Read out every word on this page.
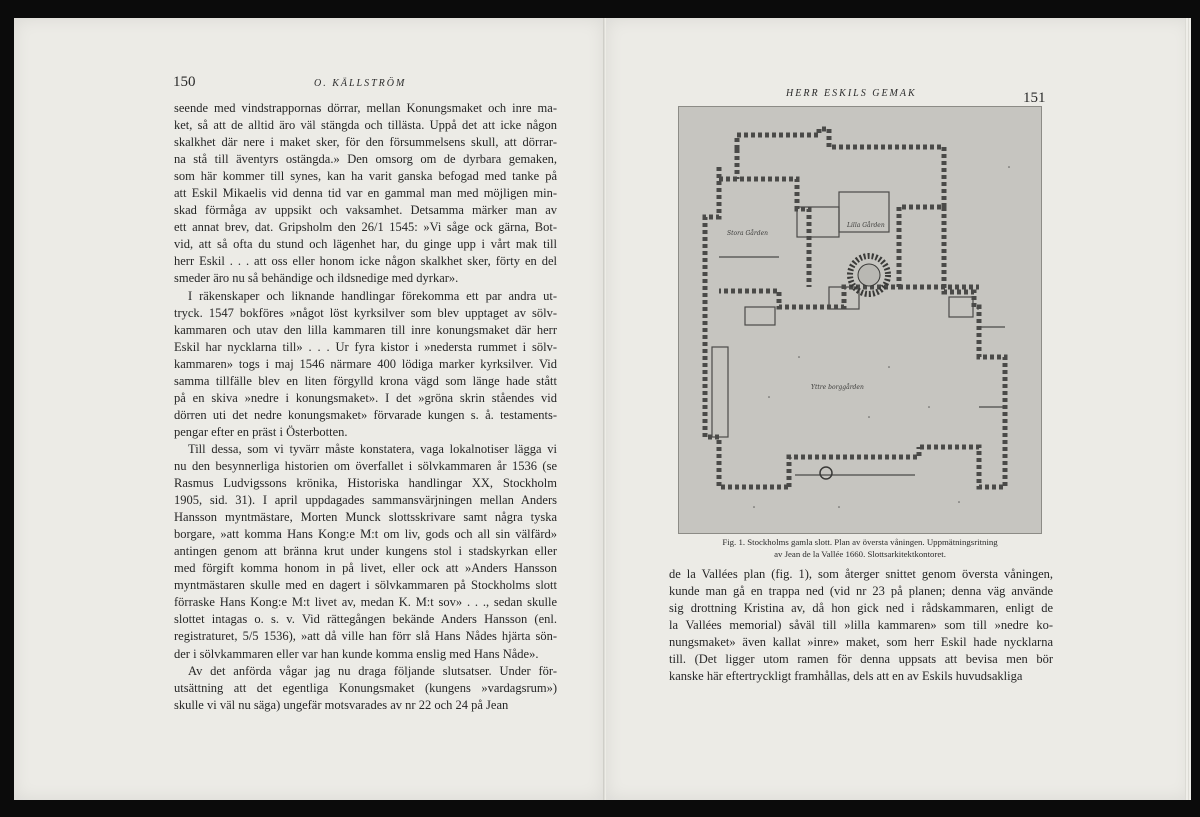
150	O. KÄLLSTRÖM
seende med vindstrappornas dörrar, mellan Konungsmaket och inre ma-
ket, så att de alltid äro väl stängda och tillästa. Uppå det att icke någon
skalkhet där nere i maket sker, för den försummelsens skull, att dörrar-
na stå till äventyrs ostängda.» Den omsorg om de dyrbara gemaken,
som här kommer till synes, kan ha varit ganska befogad med tanke på
att Eskil Mikaelis vid denna tid var en gammal man med möjligen min-
skad förmåga av uppsikt och vaksamhet. Detsamma märker man av
ett annat brev, dat. Gripsholm den 26/1 1545: »Vi såge ock gärna, Bot-
vid, att så ofta du stund och lägenhet har, du ginge upp i vårt mak till
herr Eskil . . . att oss eller honom icke någon skalkhet sker, förty en del
smeder äro nu så behändige och ildsnedige med dyrkar».
I räkenskaper och liknande handlingar förekomma ett par andra ut-
tryck. 1547 bokföres »något löst kyrksilver som blev upptaget av sölv-
kammaren och utav den lilla kammaren till inre konungsmaket där herr
Eskil har nycklarna till» . . . Ur fyra kistor i »nedersta rummet i sölv-
kammaren» togs i maj 1546 närmare 400 lödiga marker kyrksilver. Vid
samma tillfälle blev en liten förgylld krona vägd som länge hade stått
på en skiva »nedre i konungsmaket». I det »gröna skrin ståendes vid
dörren uti det nedre konungsmaket» förvarade kungen s. å. testaments-
pengar efter en präst i Österbotten.
Till dessa, som vi tyvärr måste konstatera, vaga lokalnotiser lägga vi
nu den besynnerliga historien om överfallet i sölvkammaren år 1536 (se
Rasmus Ludvigssons krönika, Historiska handlingar XX, Stockholm
1905, sid. 31). I april uppdagades sammansvärjningen mellan Anders
Hansson myntmästare, Morten Munck slottsskrivare samt några tyska
borgare, »att komma Hans Kong:e M:t om liv, gods och all sin välfärd»
antingen genom att bränna krut under kungens stol i stadskyrkan eller
med förgift komma honom in på livet, eller ock att »Anders Hansson
myntmästaren skulle med en dagert i sölvkammaren på Stockholms slott
förraske Hans Kong:e M:t livet av, medan K. M:t sov» . . ., sedan skulle
slottet intagas o. s. v. Vid rättegången bekände Anders Hansson (enl.
registraturet, 5/5 1536), »att då ville han förr slå Hans Nådes hjärta sön-
der i sölvkammaren eller var han kunde komma enslig med Hans Nåde».
Av det anförda vågar jag nu draga följande slutsatser. Under för-
utsättning att det egentliga Konungsmaket (kungens »vardagsrum»)
skulle vi väl nu säga) ungefär motsvarades av nr 22 och 24 på Jean
HERR ESKILS GEMAK	151
Stora Gården
Lilla Gården
Yttre borggården
Fig. 1. Stockholms gamla slott. Plan av översta våningen. Uppmätningsritning
av Jean de la Vallée 1660. Slottsarkitektkontoret.
de la Vallées plan (fig. 1), som återger snittet genom översta våningen,
kunde man gå en trappa ned (vid nr 23 på planen; denna väg använde
sig drottning Kristina av, då hon gick ned i rådskammaren, enligt de
la Vallées memorial) såväl till »lilla kammaren» som till »nedre ko-
nungsmaket» även kallat »inre» maket, som herr Eskil hade nycklarna
till. (Det ligger utom ramen för denna uppsats att bevisa men bör
kanske här eftertryckligt framhållas, dels att en av Eskils huvudsakliga
